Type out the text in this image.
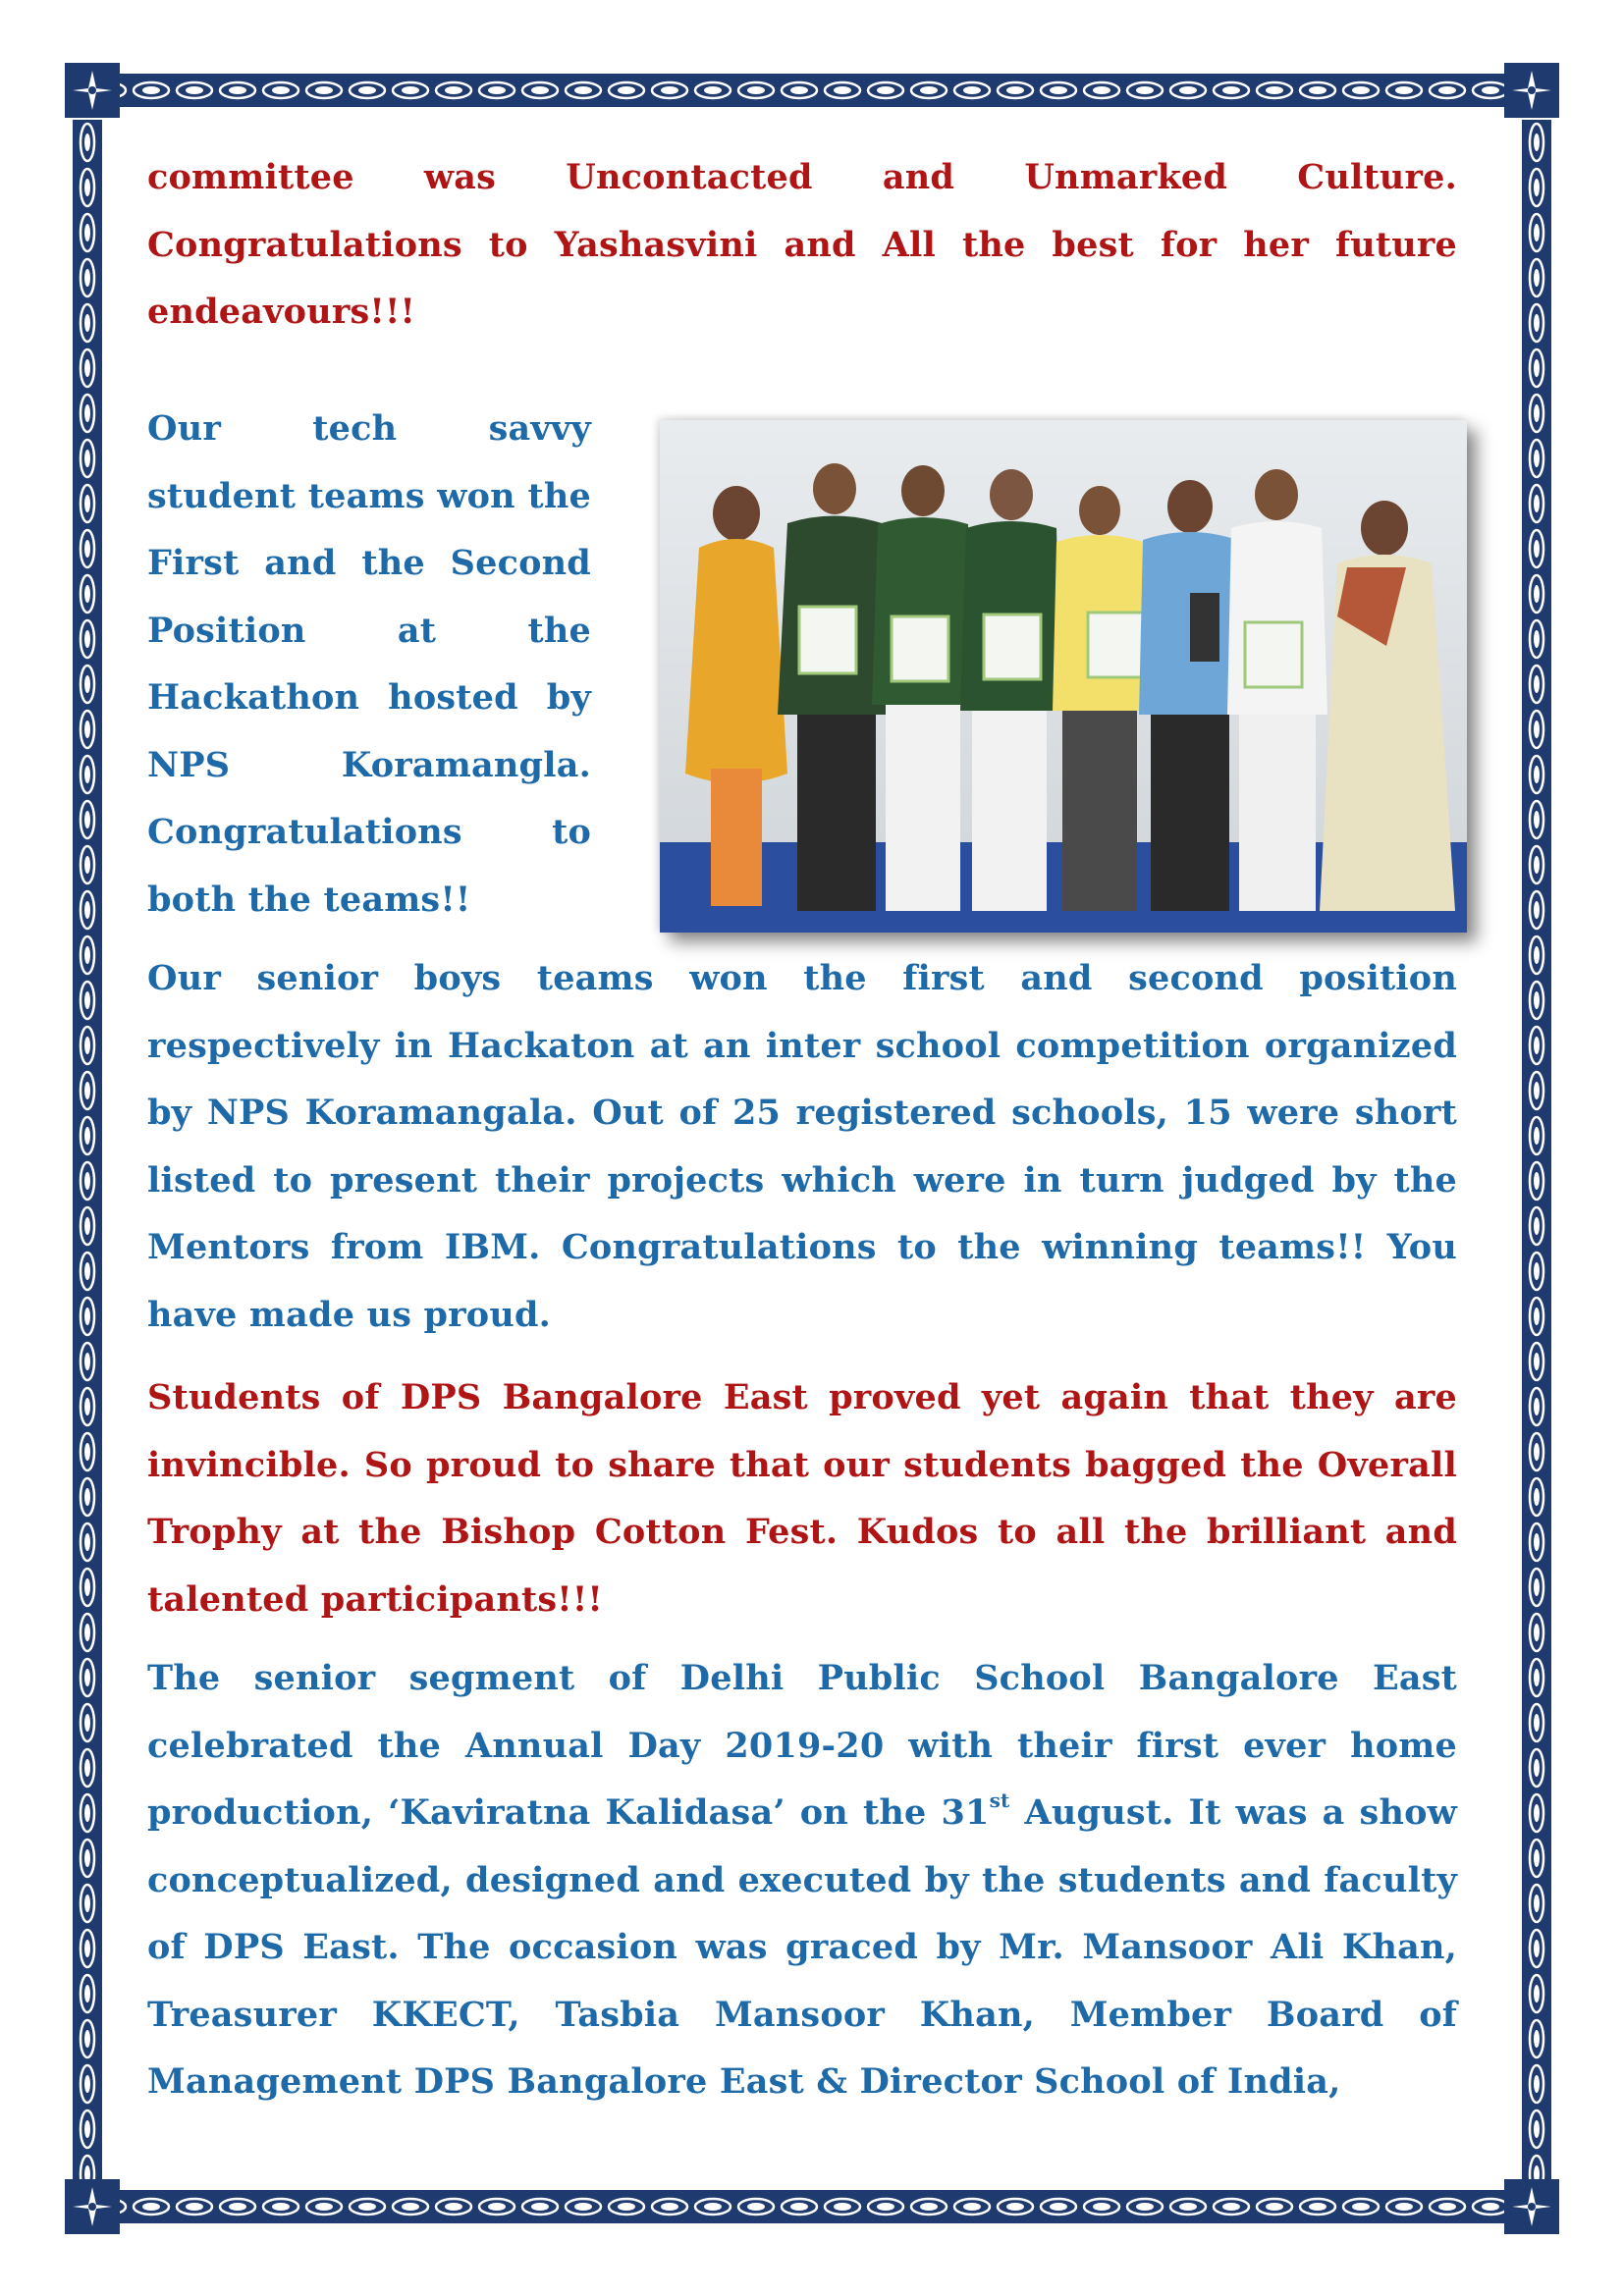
committee was Uncontacted and Unmarked Culture. Congratulations to Yashasvini and All the best for her future endeavours!!!

Our tech savvy student teams won the First and the Second Position at the Hackathon hosted by NPS Koramangla. Congratulations to both the teams!!

Our senior boys teams won the first and second position respectively in Hackaton at an inter school competition organized by NPS Koramangala. Out of 25 registered schools, 15 were short listed to present their projects which were in turn judged by the Mentors from IBM. Congratulations to the winning teams!! You have made us proud.

Students of DPS Bangalore East proved yet again that they are invincible. So proud to share that our students bagged the Overall Trophy at the Bishop Cotton Fest. Kudos to all the brilliant and talented participants!!!

The senior segment of Delhi Public School Bangalore East celebrated the Annual Day 2019-20 with their first ever home production, ‘Kaviratna Kalidasa’ on the 31st August. It was a show conceptualized, designed and executed by the students and faculty of DPS East. The occasion was graced by Mr. Mansoor Ali Khan, Treasurer KKECT, Tasbia Mansoor Khan, Member Board of Management DPS Bangalore East & Director School of India,
